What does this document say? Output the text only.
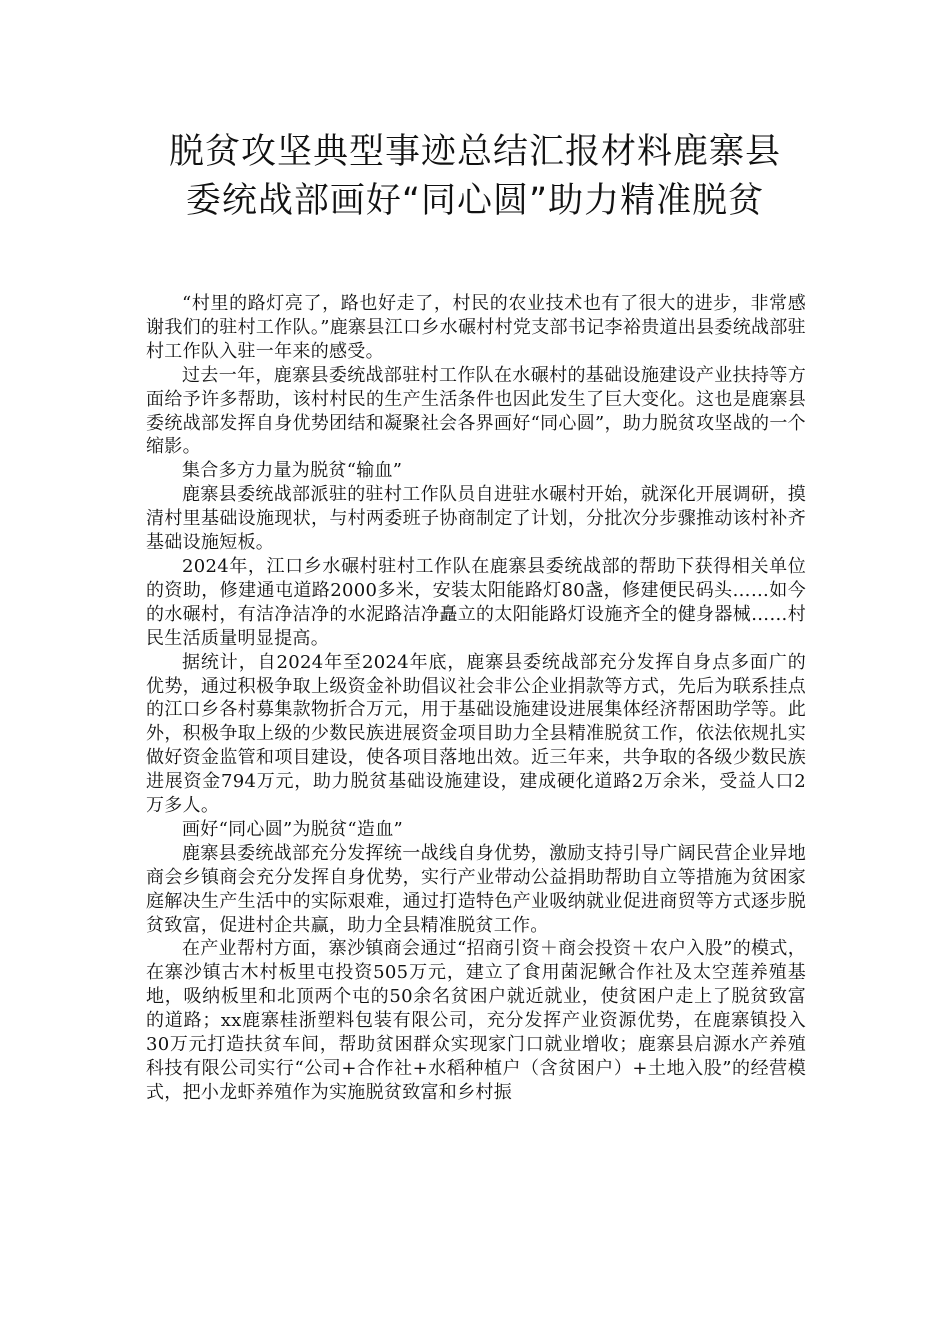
脱贫攻坚典型事迹总结汇报材料鹿寨县
委统战部画好“同心圆”助力精准脱贫

“村里的路灯亮了，路也好走了，村民的农业技术也有了很大的进步，非常感谢我们的驻村工作队。”鹿寨县江口乡水碾村村党支部书记李裕贵道出县委统战部驻村工作队入驻一年来的感受。

过去一年，鹿寨县委统战部驻村工作队在水碾村的基础设施建设产业扶持等方面给予许多帮助，该村村民的生产生活条件也因此发生了巨大变化。这也是鹿寨县委统战部发挥自身优势团结和凝聚社会各界画好“同心圆”，助力脱贫攻坚战的一个缩影。

集合多方力量为脱贫“输血”

鹿寨县委统战部派驻的驻村工作队员自进驻水碾村开始，就深化开展调研，摸清村里基础设施现状，与村两委班子协商制定了计划，分批次分步骤推动该村补齐基础设施短板。

2024年，江口乡水碾村驻村工作队在鹿寨县委统战部的帮助下获得相关单位的资助，修建通屯道路2000多米，安装太阳能路灯80盏，修建便民码头……如今的水碾村，有洁净洁净的水泥路洁净矗立的太阳能路灯设施齐全的健身器械……村民生活质量明显提高。

据统计，自2024年至2024年底，鹿寨县委统战部充分发挥自身点多面广的优势，通过积极争取上级资金补助倡议社会非公企业捐款等方式，先后为联系挂点的江口乡各村募集款物折合万元，用于基础设施建设进展集体经济帮困助学等。此外，积极争取上级的少数民族进展资金项目助力全县精准脱贫工作，依法依规扎实做好资金监管和项目建设，使各项目落地出效。近三年来，共争取的各级少数民族进展资金794万元，助力脱贫基础设施建设，建成硬化道路2万余米，受益人口2万多人。

画好“同心圆”为脱贫“造血”

鹿寨县委统战部充分发挥统一战线自身优势，激励支持引导广阔民营企业异地商会乡镇商会充分发挥自身优势，实行产业带动公益捐助帮助自立等措施为贫困家庭解决生产生活中的实际艰难，通过打造特色产业吸纳就业促进商贸等方式逐步脱贫致富，促进村企共赢，助力全县精准脱贫工作。

在产业帮村方面，寨沙镇商会通过“招商引资＋商会投资＋农户入股”的模式，在寨沙镇古木村板里屯投资505万元，建立了食用菌泥鳅合作社及太空莲养殖基地，吸纳板里和北顶两个屯的50余名贫困户就近就业，使贫困户走上了脱贫致富的道路；xx鹿寨桂浙塑料包装有限公司，充分发挥产业资源优势，在鹿寨镇投入30万元打造扶贫车间，帮助贫困群众实现家门口就业增收；鹿寨县启源水产养殖科技有限公司实行“公司+合作社+水稻种植户（含贫困户）+土地入股”的经营模式，把小龙虾养殖作为实施脱贫致富和乡村振
